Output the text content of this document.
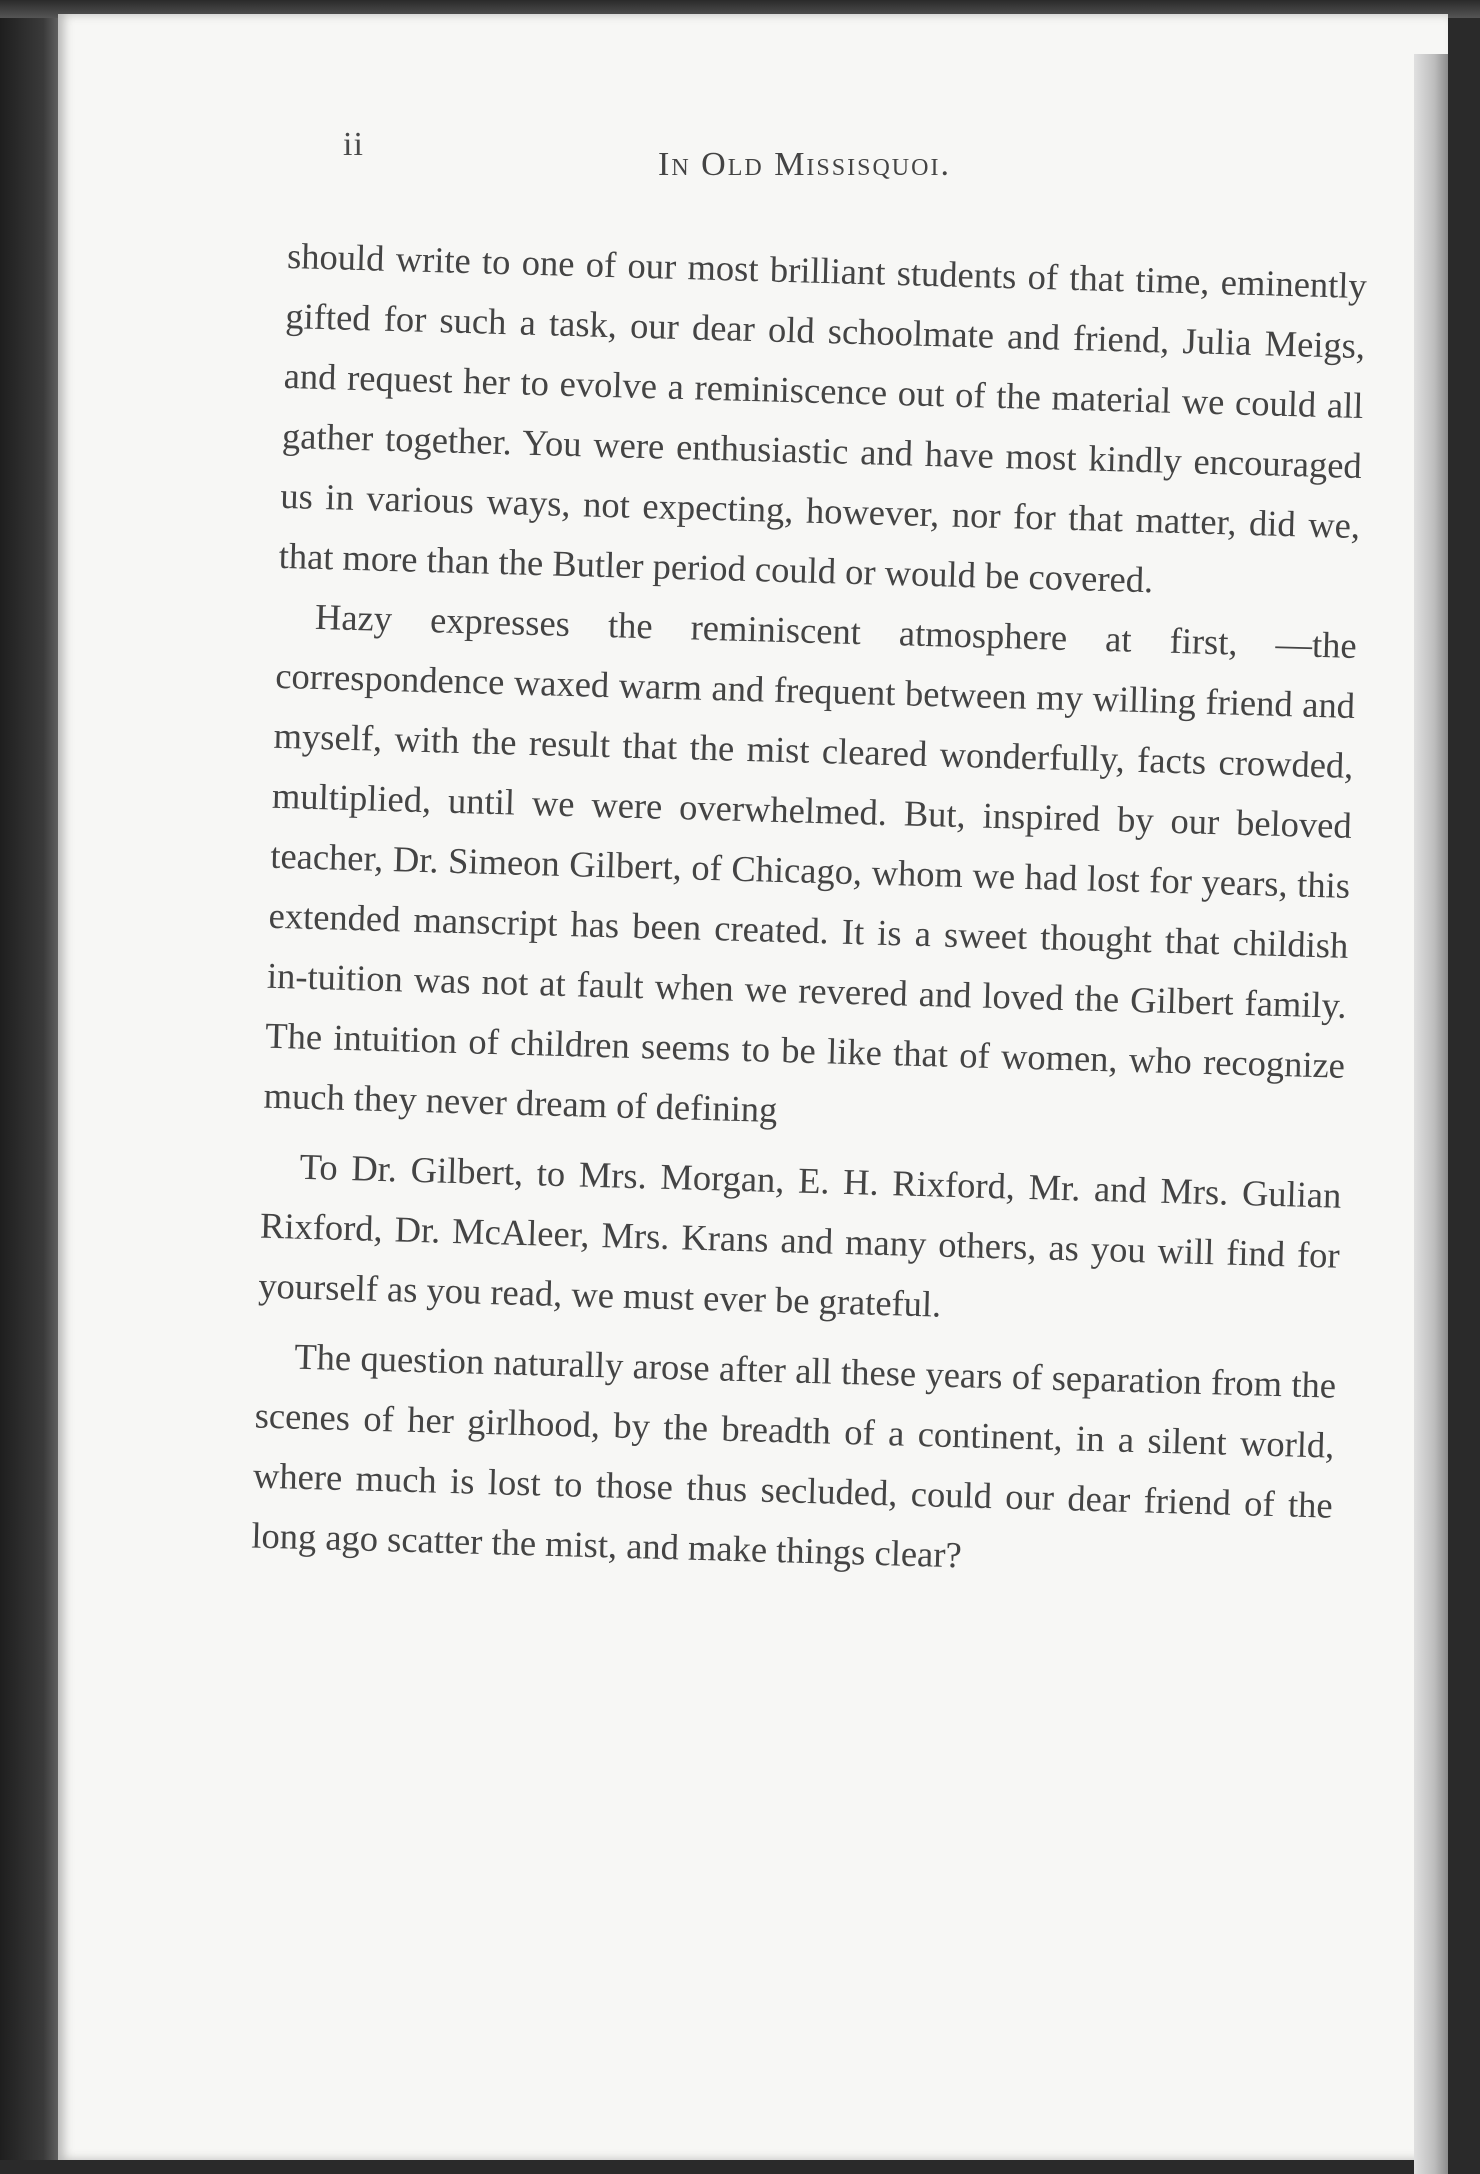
ii
In Old Missisquoi.

should write to one of our most brilliant students of that time, eminently gifted for such a task, our dear old schoolmate and friend, Julia Meigs, and request her to evolve a reminiscence out of the material we could all gather together. You were enthusiastic and have most kindly encouraged us in various ways, not expecting, however, nor for that matter, did we, that more than the Butler period could or would be covered.

Hazy expresses the reminiscent atmosphere at first, —the correspondence waxed warm and frequent between my willing friend and myself, with the result that the mist cleared wonderfully, facts crowded, multiplied, until we were overwhelmed. But, inspired by our beloved teacher, Dr. Simeon Gilbert, of Chicago, whom we had lost for years, this extended manscript has been created. It is a sweet thought that childish in-tuition was not at fault when we revered and loved the Gilbert family. The intuition of children seems to be like that of women, who recognize much they never dream of defining

To Dr. Gilbert, to Mrs. Morgan, E. H. Rixford, Mr. and Mrs. Gulian Rixford, Dr. McAleer, Mrs. Krans and many others, as you will find for yourself as you read, we must ever be grateful.

The question naturally arose after all these years of separation from the scenes of her girlhood, by the breadth of a continent, in a silent world, where much is lost to those thus secluded, could our dear friend of the long ago scatter the mist, and make things clear?
